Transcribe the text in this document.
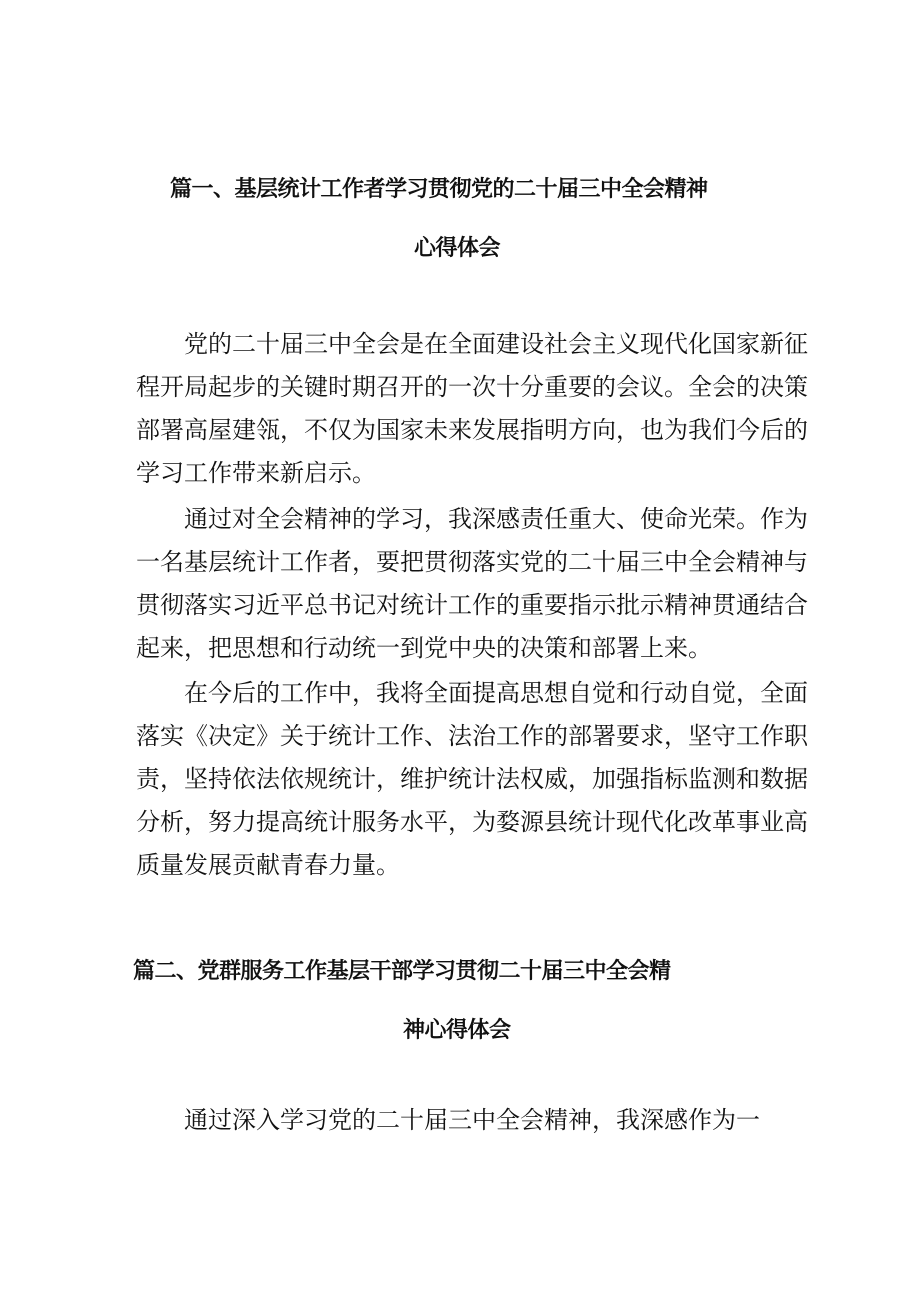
篇一、基层统计工作者学习贯彻党的二十届三中全会精神
心得体会

党的二十届三中全会是在全面建设社会主义现代化国家新征

程开局起步的关键时期召开的一次十分重要的会议。全会的决策

部署高屋建瓴，不仅为国家未来发展指明方向，也为我们今后的

学习工作带来新启示。

通过对全会精神的学习，我深感责任重大、使命光荣。作为

一名基层统计工作者，要把贯彻落实党的二十届三中全会精神与

贯彻落实习近平总书记对统计工作的重要指示批示精神贯通结合

起来，把思想和行动统一到党中央的决策和部署上来。

在今后的工作中，我将全面提高思想自觉和行动自觉，全面

落实《决定》关于统计工作、法治工作的部署要求，坚守工作职

责，坚持依法依规统计，维护统计法权威，加强指标监测和数据

分析，努力提高统计服务水平，为婺源县统计现代化改革事业高

质量发展贡献青春力量。

篇二、党群服务工作基层干部学习贯彻二十届三中全会精
神心得体会

通过深入学习党的二十届三中全会精神，我深感作为一
